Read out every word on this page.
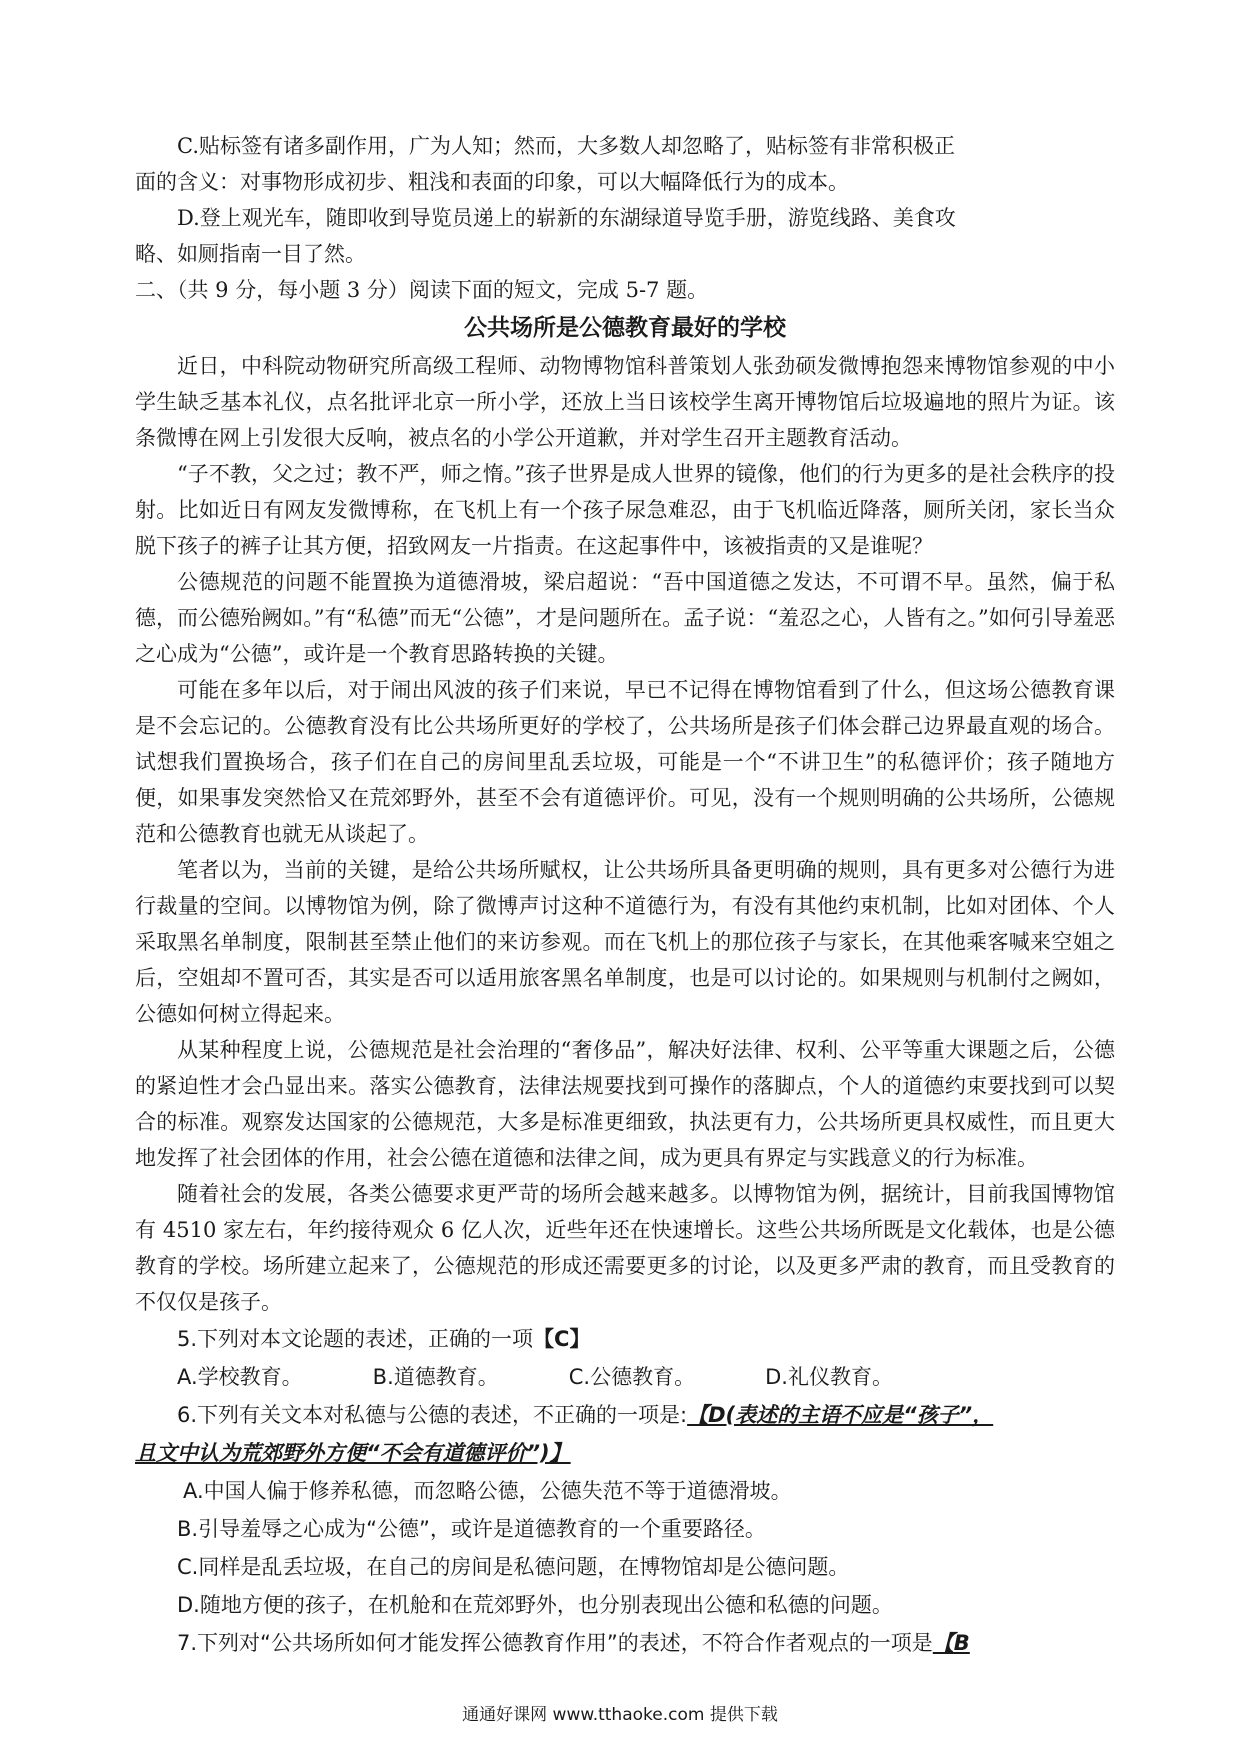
C.贴标签有诸多副作用，广为人知；然而，大多数人却忽略了，贴标签有非常积极正
面的含义：对事物形成初步、粗浅和表面的印象，可以大幅降低行为的成本。
D.登上观光车，随即收到导览员递上的崭新的东湖绿道导览手册，游览线路、美食攻
略、如厕指南一目了然。
二、（共 9 分，每小题 3 分）阅读下面的短文，完成 5-7 题。
公共场所是公德教育最好的学校

近日，中科院动物研究所高级工程师、动物博物馆科普策划人张劲硕发微博抱怨来博物馆参观的中小学生缺乏基本礼仪，点名批评北京一所小学，还放上当日该校学生离开博物馆后垃圾遍地的照片为证。该条微博在网上引发很大反响，被点名的小学公开道歉，并对学生召开主题教育活动。

“子不教，父之过；教不严，师之惰。”孩子世界是成人世界的镜像，他们的行为更多的是社会秩序的投射。比如近日有网友发微博称，在飞机上有一个孩子尿急难忍，由于飞机临近降落，厕所关闭，家长当众脱下孩子的裤子让其方便，招致网友一片指责。在这起事件中，该被指责的又是谁呢？

公德规范的问题不能置换为道德滑坡，梁启超说：“吾中国道德之发达，不可谓不早。虽然，偏于私德，而公德殆阙如。”有“私德”而无“公德”，才是问题所在。孟子说：“羞忍之心，人皆有之。”如何引导羞恶之心成为“公德”，或许是一个教育思路转换的关键。

可能在多年以后，对于闹出风波的孩子们来说，早已不记得在博物馆看到了什么，但这场公德教育课是不会忘记的。公德教育没有比公共场所更好的学校了，公共场所是孩子们体会群己边界最直观的场合。试想我们置换场合，孩子们在自己的房间里乱丢垃圾，可能是一个“不讲卫生”的私德评价；孩子随地方便，如果事发突然恰又在荒郊野外，甚至不会有道德评价。可见，没有一个规则明确的公共场所，公德规范和公德教育也就无从谈起了。

笔者以为，当前的关键，是给公共场所赋权，让公共场所具备更明确的规则，具有更多对公德行为进行裁量的空间。以博物馆为例，除了微博声讨这种不道德行为，有没有其他约束机制，比如对团体、个人采取黑名单制度，限制甚至禁止他们的来访参观。而在飞机上的那位孩子与家长，在其他乘客喊来空姐之后，空姐却不置可否，其实是否可以适用旅客黑名单制度，也是可以讨论的。如果规则与机制付之阙如，公德如何树立得起来。

从某种程度上说，公德规范是社会治理的“奢侈品”，解决好法律、权利、公平等重大课题之后，公德的紧迫性才会凸显出来。落实公德教育，法律法规要找到可操作的落脚点，个人的道德约束要找到可以契合的标准。观察发达国家的公德规范，大多是标准更细致，执法更有力，公共场所更具权威性，而且更大地发挥了社会团体的作用，社会公德在道德和法律之间，成为更具有界定与实践意义的行为标准。

随着社会的发展，各类公德要求更严苛的场所会越来越多。以博物馆为例，据统计，目前我国博物馆有 4510 家左右，年约接待观众 6 亿人次，近些年还在快速增长。这些公共场所既是文化载体，也是公德教育的学校。场所建立起来了，公德规范的形成还需要更多的讨论，以及更多严肃的教育，而且受教育的不仅仅是孩子。

5.下列对本文论题的表述，正确的一项【C】
A.学校教育。	B.道德教育。	C.公德教育。	D.礼仪教育。
6.下列有关文本对私德与公德的表述，不正确的一项是:【D(表述的主语不应是“孩子”，
且文中认为荒郊野外方便“不会有道德评价”)】
A.中国人偏于修养私德，而忽略公德，公德失范不等于道德滑坡。
B.引导羞辱之心成为“公德”，或许是道德教育的一个重要路径。
C.同样是乱丢垃圾，在自己的房间是私德问题，在博物馆却是公德问题。
D.随地方便的孩子，在机舱和在荒郊野外，也分别表现出公德和私德的问题。
7.下列对“公共场所如何才能发挥公德教育作用”的表述，不符合作者观点的一项是【B
通通好课网 www.tthaoke.com 提供下载
